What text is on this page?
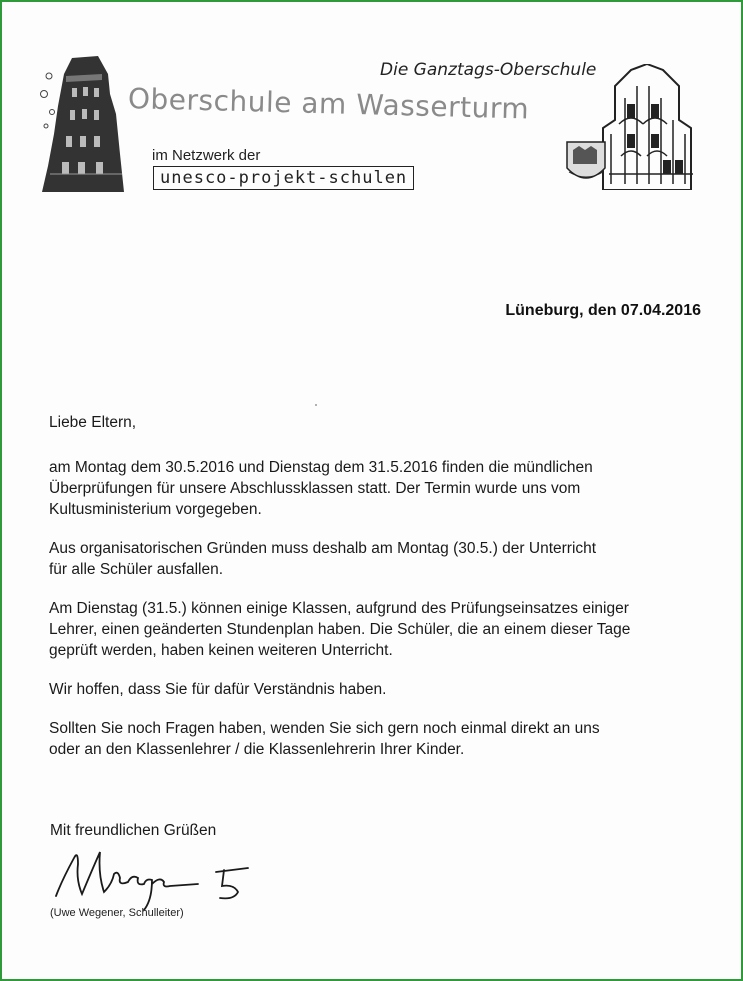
Oberschule am Wasserturm
Die Ganztags-Oberschule
im Netzwerk der
unesco-projekt-schulen
Lüneburg, den 07.04.2016

Liebe Eltern,

am Montag dem 30.5.2016 und Dienstag dem 31.5.2016 finden die mündlichen
Überprüfungen für unsere Abschlussklassen statt. Der Termin wurde uns vom
Kultusministerium vorgegeben.

Aus organisatorischen Gründen muss deshalb am Montag (30.5.) der Unterricht
für alle Schüler ausfallen.

Am Dienstag (31.5.) können einige Klassen, aufgrund des Prüfungseinsatzes einiger
Lehrer, einen geänderten Stundenplan haben. Die Schüler, die an einem dieser Tage
geprüft werden, haben keinen weiteren Unterricht.

Wir hoffen, dass Sie für dafür Verständnis haben.

Sollten Sie noch Fragen haben, wenden Sie sich gern noch einmal direkt an uns
oder an den Klassenlehrer / die Klassenlehrerin Ihrer Kinder.

Mit freundlichen Grüßen
(Uwe Wegener, Schulleiter)
